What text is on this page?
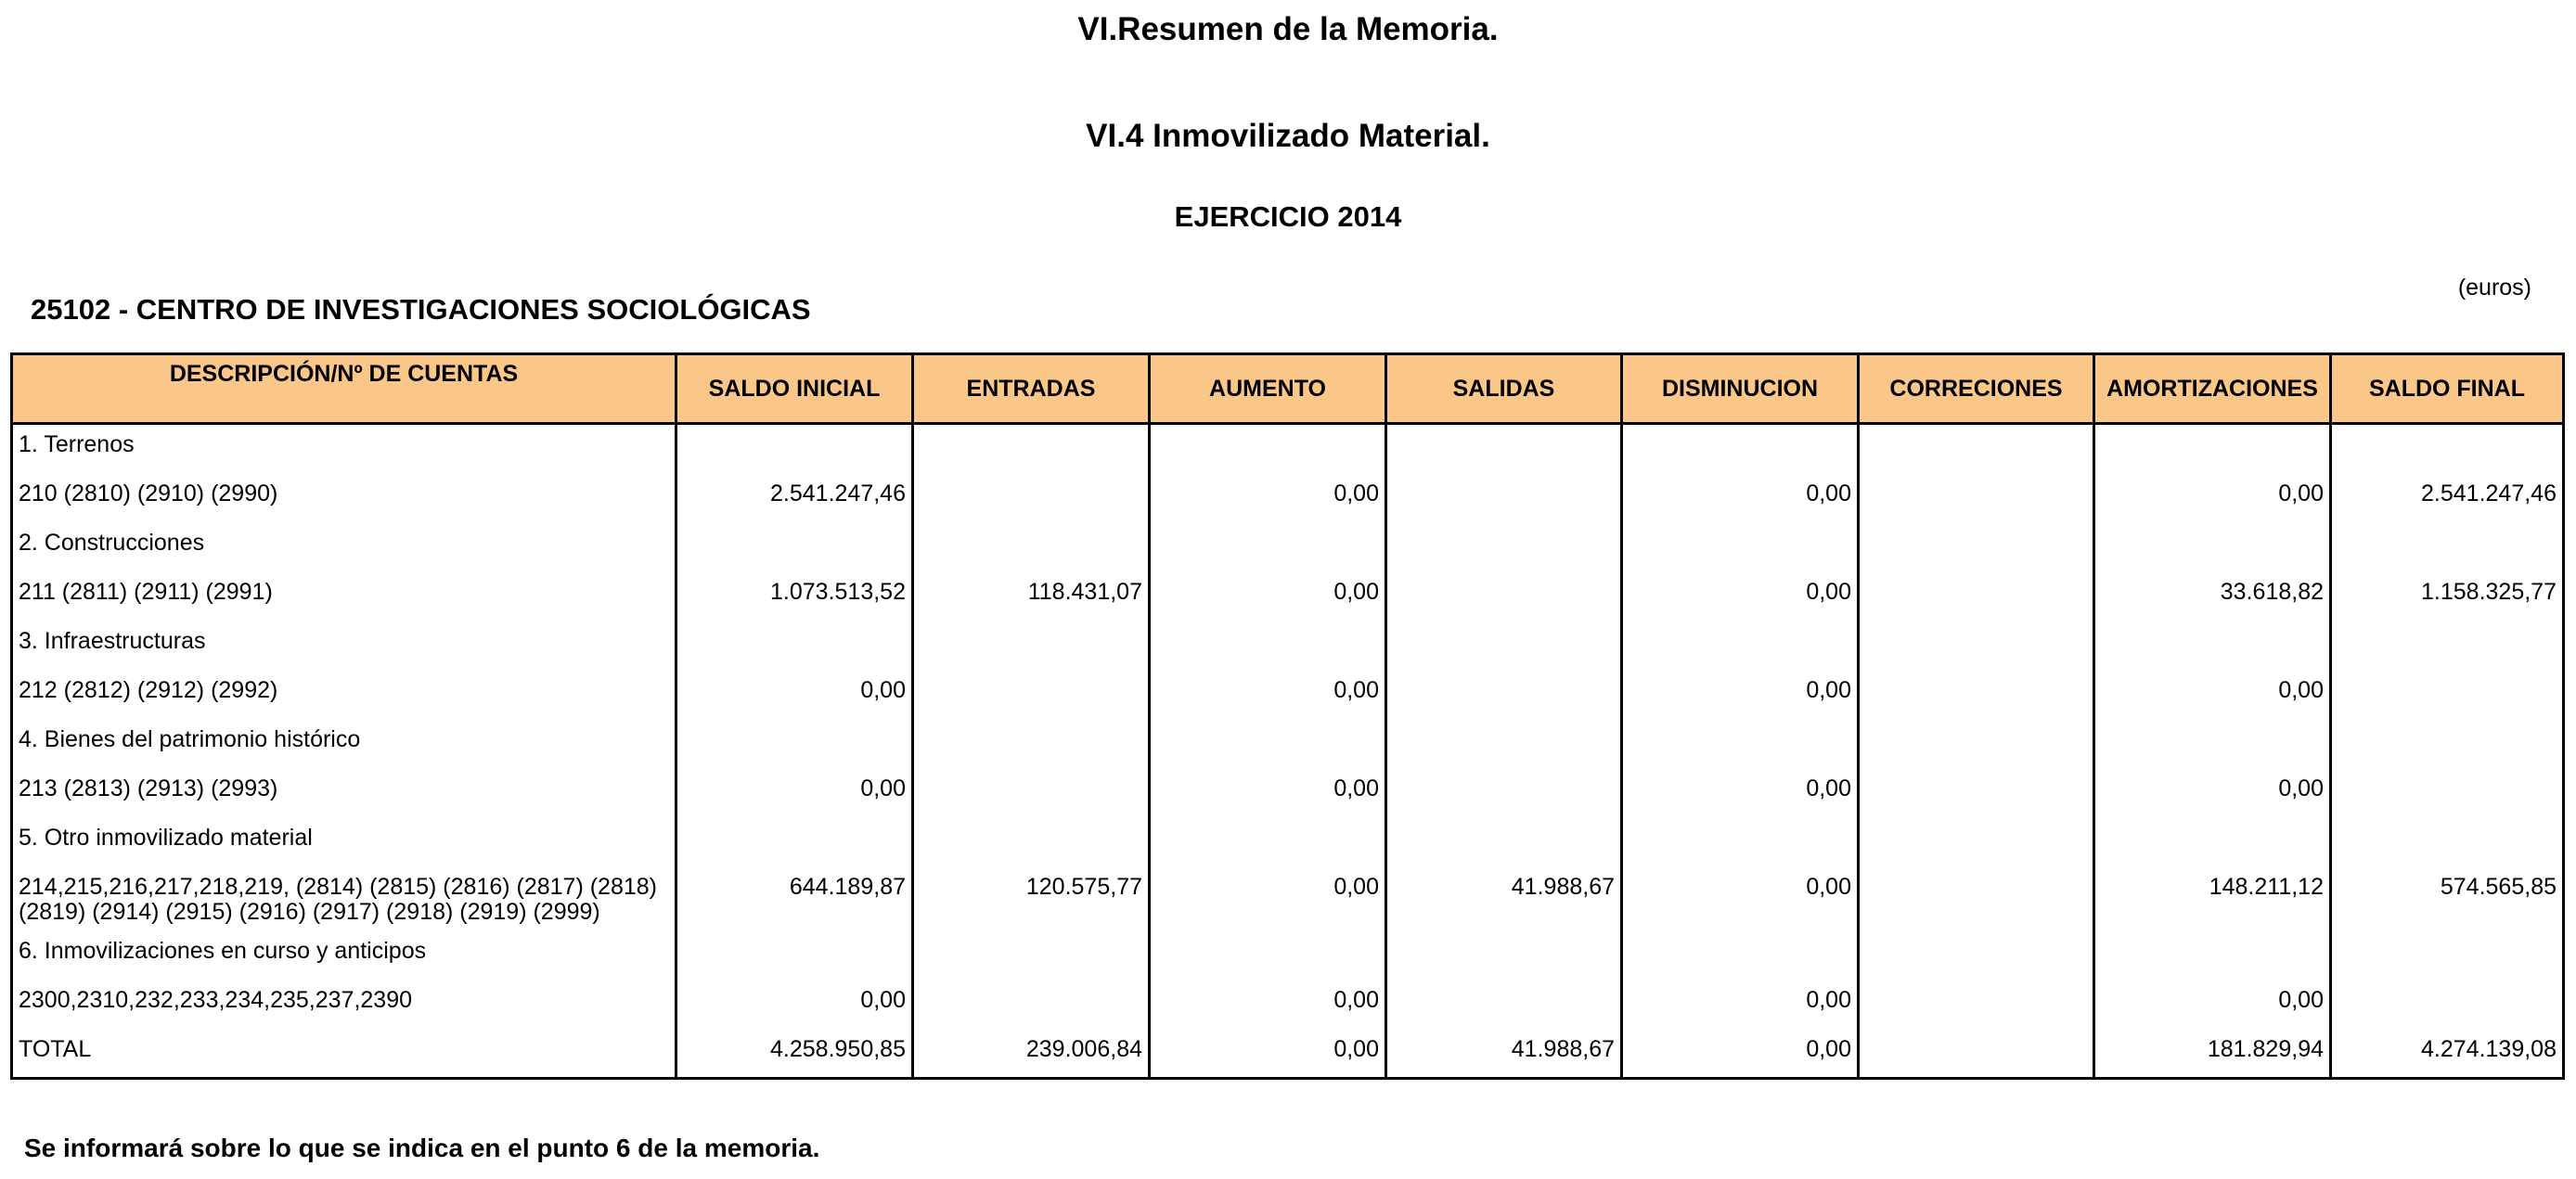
VI.Resumen de la Memoria.
VI.4 Inmovilizado Material.
EJERCICIO 2014
(euros)
25102 - CENTRO DE INVESTIGACIONES SOCIOLÓGICAS
DESCRIPCIÓN/Nº DE CUENTAS	SALDO INICIAL	ENTRADAS	AUMENTO	SALIDAS	DISMINUCION	CORRECIONES	AMORTIZACIONES	SALDO FINAL
1. Terrenos								
210 (2810) (2910) (2990)	2.541.247,46		0,00		0,00		0,00	2.541.247,46
2. Construcciones								
211 (2811) (2911) (2991)	1.073.513,52	118.431,07	0,00		0,00		33.618,82	1.158.325,77
3. Infraestructuras								
212 (2812) (2912) (2992)	0,00		0,00		0,00		0,00	
4. Bienes del patrimonio histórico								
213 (2813) (2913) (2993)	0,00		0,00		0,00		0,00	
5. Otro inmovilizado material								
214,215,216,217,218,219, (2814) (2815) (2816) (2817) (2818) (2819) (2914) (2915) (2916) (2917) (2918) (2919) (2999)	644.189,87	120.575,77	0,00	41.988,67	0,00		148.211,12	574.565,85
6. Inmovilizaciones en curso y anticipos								
2300,2310,232,233,234,235,237,2390	0,00		0,00		0,00		0,00	
TOTAL	4.258.950,85	239.006,84	0,00	41.988,67	0,00		181.829,94	4.274.139,08
Se informará sobre lo que se indica en el punto 6 de la memoria.
